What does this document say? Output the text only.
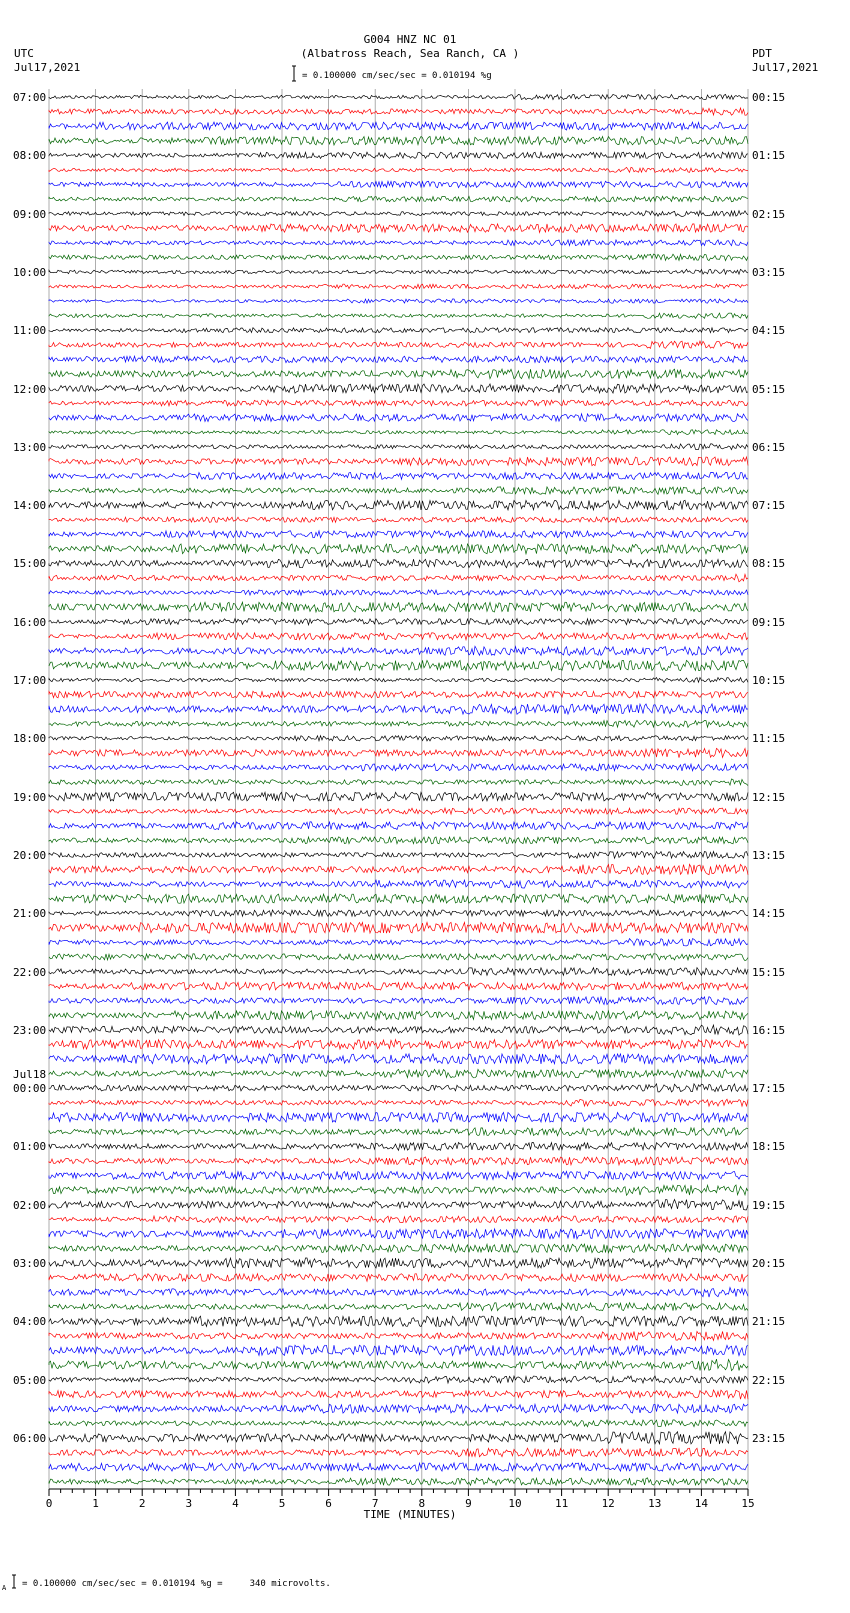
G004 HNZ NC 01
(Albatross Reach, Sea Ranch, CA )
= 0.100000 cm/sec/sec = 0.010194 %g
UTC
Jul17,2021
PDT
Jul17,2021
07:00
08:00
09:00
10:00
11:00
12:00
13:00
14:00
15:00
16:00
17:00
18:00
19:00
20:00
21:00
22:00
23:00
00:00
01:00
02:00
03:00
04:00
05:00
06:00
Jul18
00:15
01:15
02:15
03:15
04:15
05:15
06:15
07:15
08:15
09:15
10:15
11:15
12:15
13:15
14:15
15:15
16:15
17:15
18:15
19:15
20:15
21:15
22:15
23:15
0	1	2	3	4	5	6	7	8	9	10	11	12	13	14	15
TIME (MINUTES)
A = 0.100000 cm/sec/sec = 0.010194 %g =     340 microvolts.
